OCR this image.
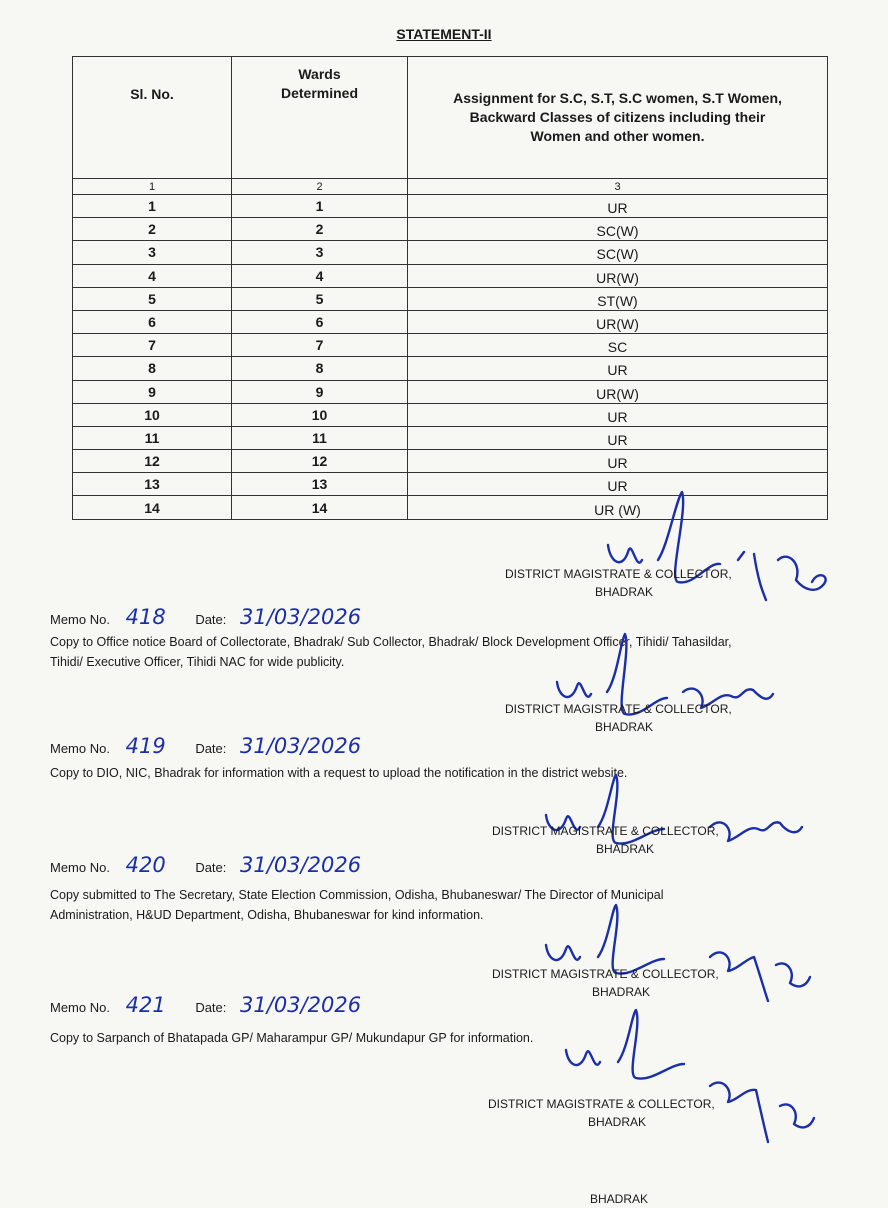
STATEMENT-II
Sl. No.	Wards Determined	Assignment for S.C, S.T, S.C women, S.T Women, Backward Classes of citizens including their Women and other women.
1	2	3
1	1	UR
2	2	SC(W)
3	3	SC(W)
4	4	UR(W)
5	5	ST(W)
6	6	UR(W)
7	7	SC
8	8	UR
9	9	UR(W)
10	10	UR
11	11	UR
12	12	UR
13	13	UR
14	14	UR (W)
DISTRICT MAGISTRATE & COLLECTOR,
BHADRAK
Memo No. 418 Date: 31/03/2026
Copy to Office notice Board of Collectorate, Bhadrak/ Sub Collector, Bhadrak/ Block Development Officer, Tihidi/ Tahasildar,
Tihidi/ Executive Officer, Tihidi NAC for wide publicity.
DISTRICT MAGISTRATE & COLLECTOR,
BHADRAK
Memo No. 419 Date: 31/03/2026
Copy to DIO, NIC, Bhadrak for information with a request to upload the notification in the district website.
DISTRICT MAGISTRATE & COLLECTOR,
BHADRAK
Memo No. 420 Date: 31/03/2026
Copy submitted to The Secretary, State Election Commission, Odisha, Bhubaneswar/ The Director of Municipal
Administration, H&UD Department, Odisha, Bhubaneswar for kind information.
DISTRICT MAGISTRATE & COLLECTOR,
BHADRAK
Memo No. 421 Date: 31/03/2026
Copy to Sarpanch of Bhatapada GP/ Maharampur GP/ Mukundapur GP for information.
DISTRICT MAGISTRATE & COLLECTOR,
BHADRAK
BHADRAK
